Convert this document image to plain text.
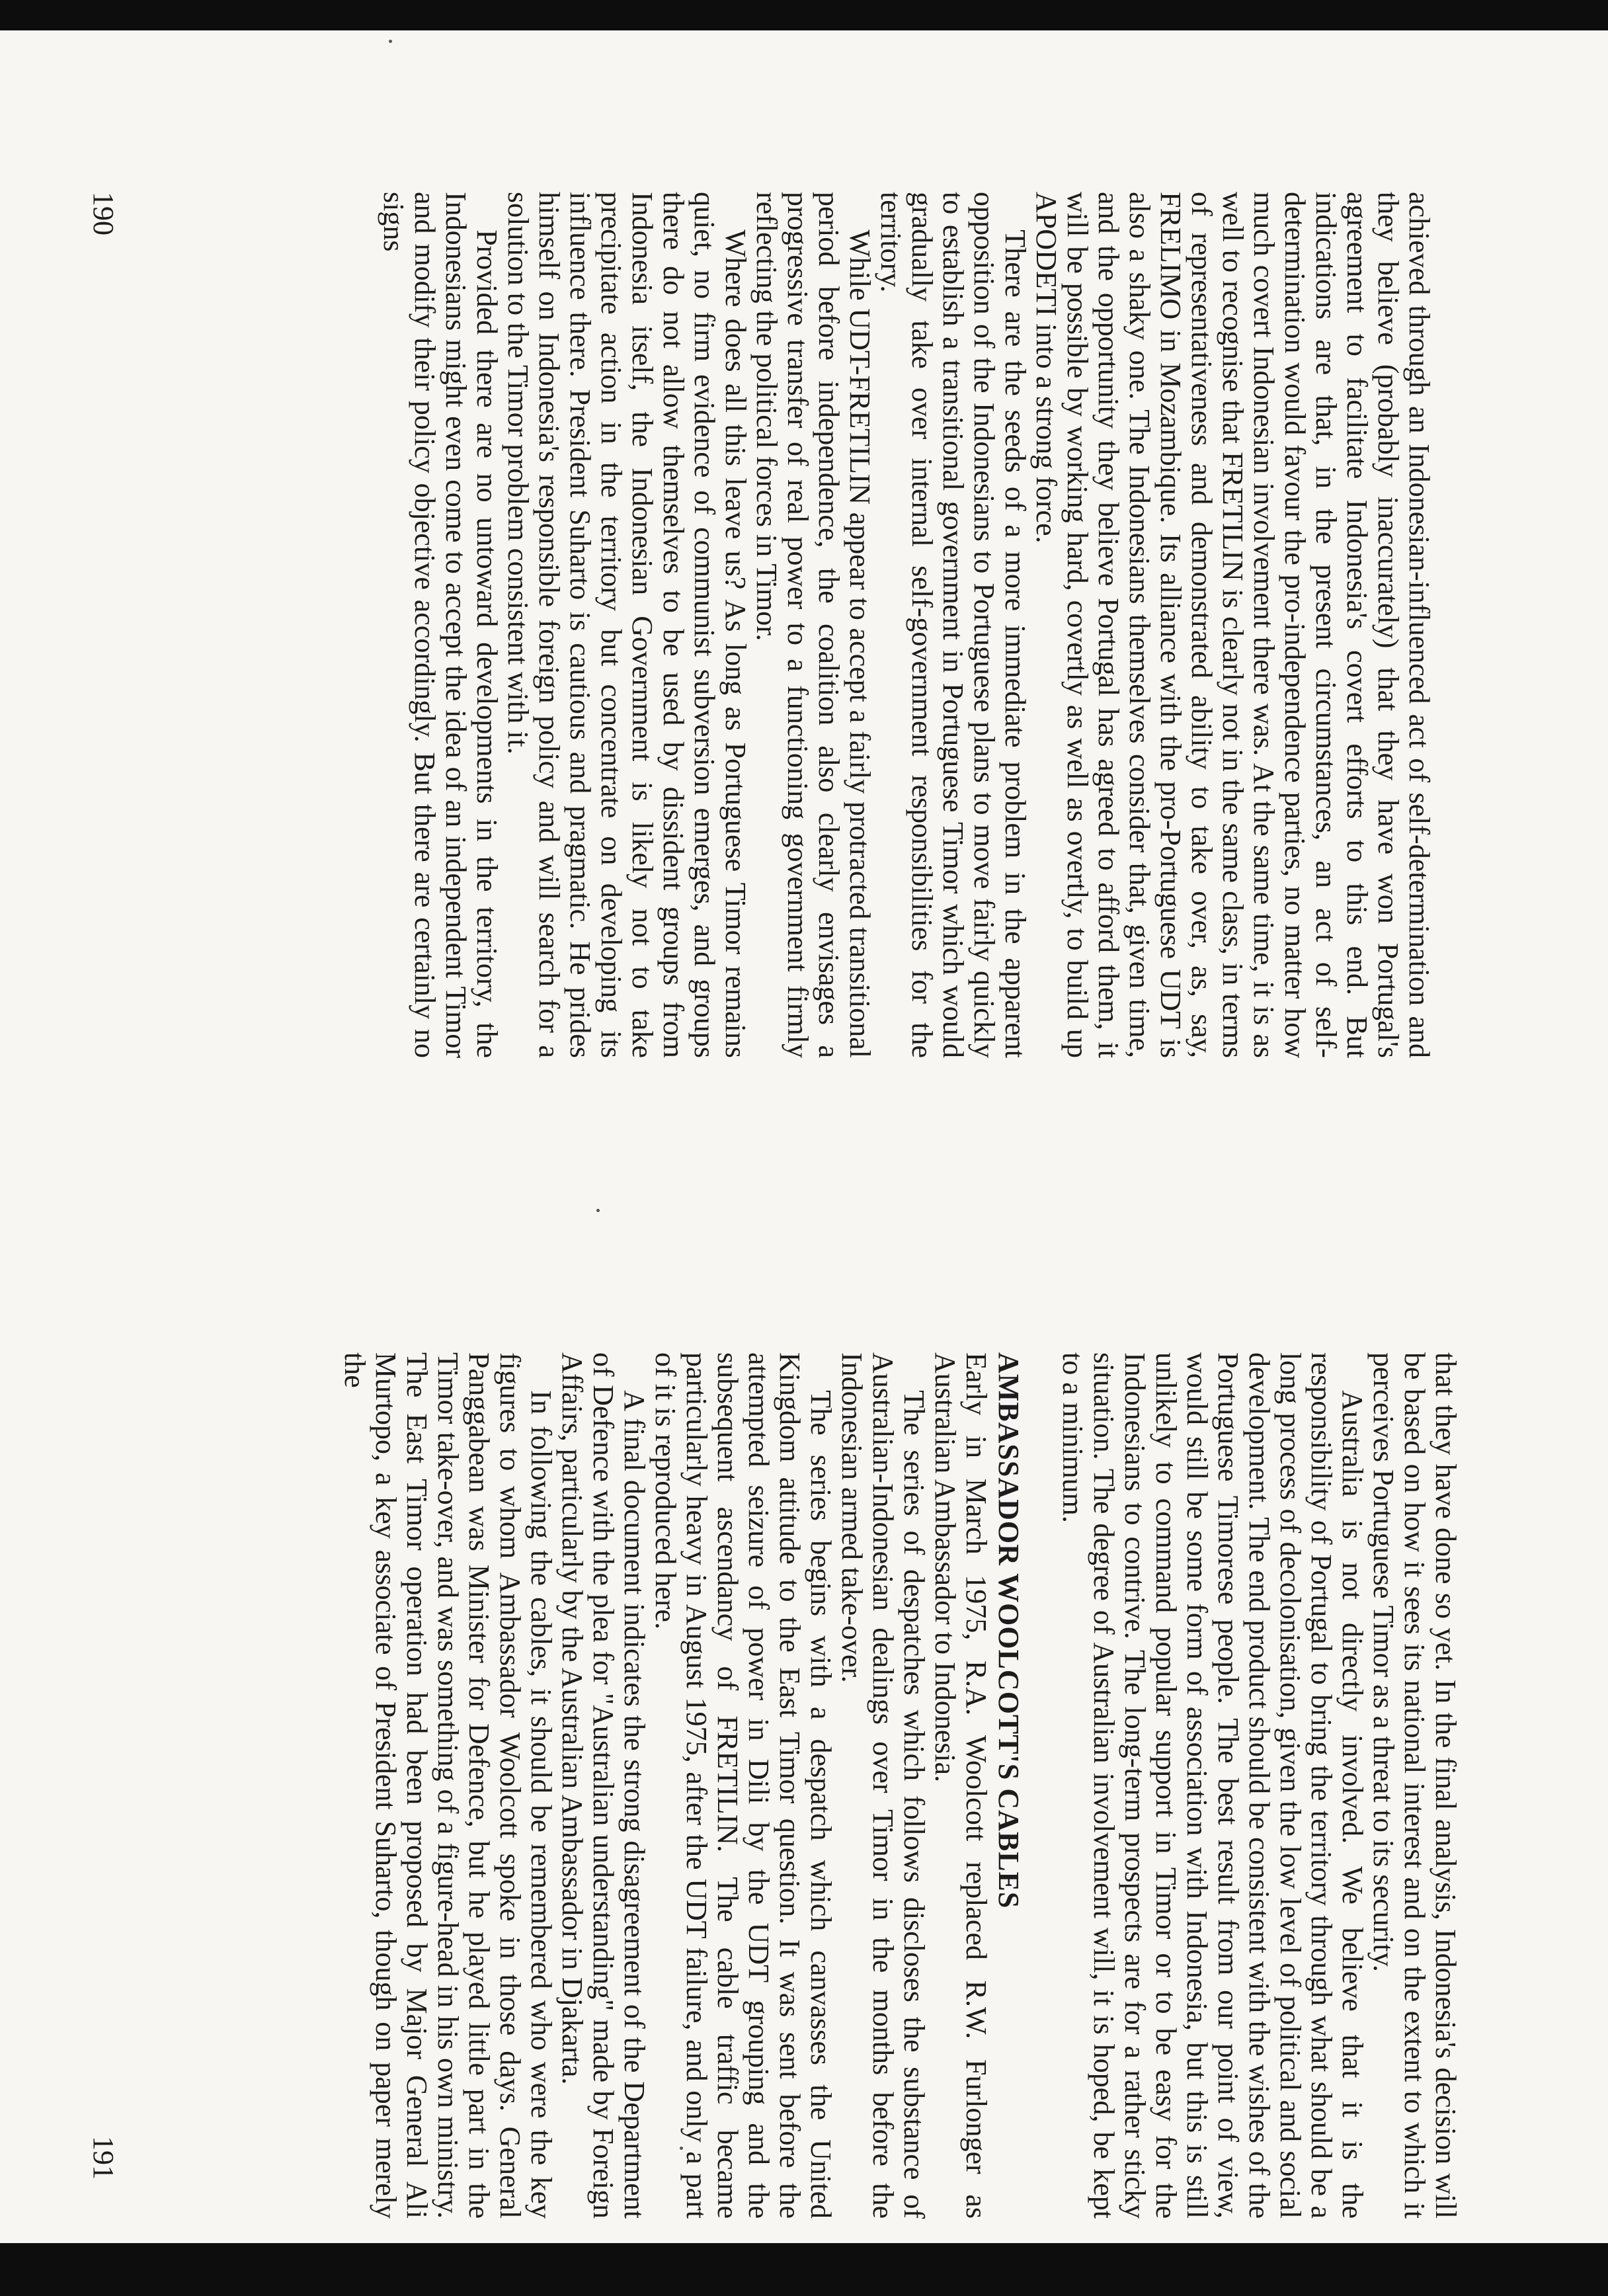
achieved through an Indonesian-influenced act of self-determination and they believe (probably inaccurately) that they have won Portugal's agreement to facilitate Indonesia's covert efforts to this end. But indications are that, in the present circumstances, an act of self-determination would favour the pro-independence parties, no matter how much covert Indonesian involvement there was. At the same time, it is as well to recognise that FRETILIN is clearly not in the same class, in terms of representativeness and demonstrated ability to take over, as, say, FRELIMO in Mozambique. Its alliance with the pro-Portuguese UDT is also a shaky one. The Indonesians themselves consider that, given time, and the opportunity they believe Portugal has agreed to afford them, it will be possible by working hard, covertly as well as overtly, to build up APODETI into a strong force.

There are the seeds of a more immediate problem in the apparent opposition of the Indonesians to Portuguese plans to move fairly quickly to establish a transitional government in Portuguese Timor which would gradually take over internal self-government responsibilities for the territory.

While UDT-FRETILIN appear to accept a fairly protracted transitional period before independence, the coalition also clearly envisages a progressive transfer of real power to a functioning government firmly reflecting the political forces in Timor.

Where does all this leave us? As long as Portuguese Timor remains quiet, no firm evidence of communist subversion emerges, and groups there do not allow themselves to be used by dissident groups from Indonesia itself, the Indonesian Government is likely not to take precipitate action in the territory but concentrate on developing its influence there. President Suharto is cautious and pragmatic. He prides himself on Indonesia's responsible foreign policy and will search for a solution to the Timor problem consistent with it.

Provided there are no untoward developments in the territory, the Indonesians might even come to accept the idea of an independent Timor and modify their policy objective accordingly. But there are certainly no signs

190

that they have done so yet. In the final analysis, Indonesia's decision will be based on how it sees its national interest and on the extent to which it perceives Portuguese Timor as a threat to its security.

Australia is not directly involved. We believe that it is the responsibility of Portugal to bring the territory through what should be a long process of decolonisation, given the low level of political and social development. The end product should be consistent with the wishes of the Portuguese Timorese people. The best result from our point of view, would still be some form of association with Indonesia, but this is still unlikely to command popular support in Timor or to be easy for the Indonesians to contrive. The long-term prospects are for a rather sticky situation. The degree of Australian involvement will, it is hoped, be kept to a minimum.

AMBASSADOR WOOLCOTT'S CABLES

Early in March 1975, R.A. Woolcott replaced R.W. Furlonger as Australian Ambassador to Indonesia.

The series of despatches which follows discloses the substance of Australian-Indonesian dealings over Timor in the months before the Indonesian armed take-over.

The series begins with a despatch which canvasses the United Kingdom attitude to the East Timor question. It was sent before the attempted seizure of power in Dili by the UDT grouping and the subsequent ascendancy of FRETILIN. The cable traffic became particularly heavy in August 1975, after the UDT failure, and only a part of it is reproduced here.

A final document indicates the strong disagreement of the Department of Defence with the plea for "Australian understanding" made by Foreign Affairs, particularly by the Australian Ambassador in Djakarta.

In following the cables, it should be remembered who were the key figures to whom Ambassador Woolcott spoke in those days. General Panggabean was Minister for Defence, but he played little part in the Timor take-over, and was something of a figure-head in his own ministry. The East Timor operation had been proposed by Major General Ali Murtopo, a key associate of President Suharto, though on paper merely the

191
